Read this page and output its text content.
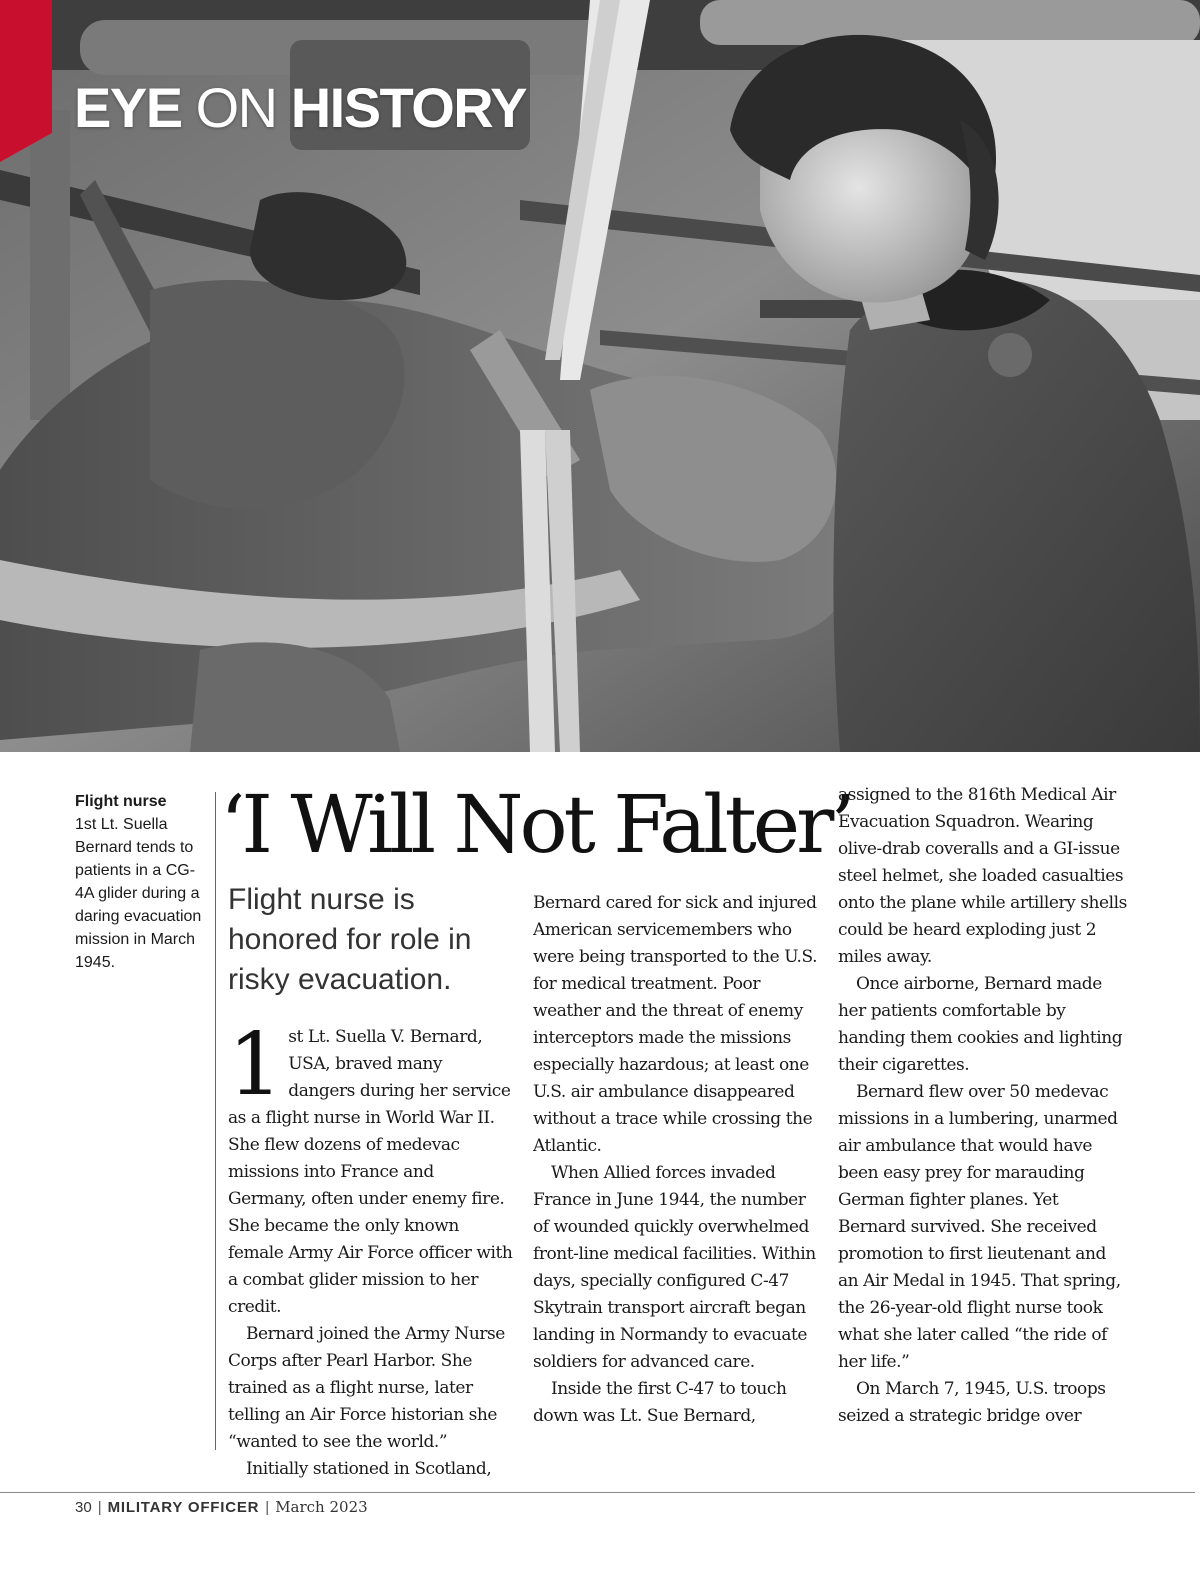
EYE ON HISTORY
Flight nurse
1st Lt. Suella Bernard tends to patients in a CG-4A glider during a daring evacuation mission in March 1945.
‘I Will Not Falter’

Flight nurse is honored for role in risky evacuation.

1 st Lt. Suella V. Bernard, USA, braved many dangers during her service as a flight nurse in World War II. She flew dozens of medevac missions into France and Germany, often under enemy fire. She became the only known female Army Air Force officer with a combat glider mission to her credit.

Bernard joined the Army Nurse Corps after Pearl Harbor. She trained as a flight nurse, later telling an Air Force historian she “wanted to see the world.”

Initially stationed in Scotland,

Bernard cared for sick and injured American servicemembers who were being transported to the U.S. for medical treatment. Poor weather and the threat of enemy interceptors made the missions especially hazardous; at least one U.S. air ambulance disappeared without a trace while crossing the Atlantic.

When Allied forces invaded France in June 1944, the number of wounded quickly overwhelmed front-line medical facilities. Within days, specially configured C-47 Skytrain transport aircraft began landing in Normandy to evacuate soldiers for advanced care.

Inside the first C-47 to touch down was Lt. Sue Bernard,

assigned to the 816th Medical Air Evacuation Squadron. Wearing olive-drab coveralls and a GI-issue steel helmet, she loaded casualties onto the plane while artillery shells could be heard exploding just 2 miles away.

Once airborne, Bernard made her patients comfortable by handing them cookies and lighting their cigarettes.

Bernard flew over 50 medevac missions in a lumbering, unarmed air ambulance that would have been easy prey for marauding German fighter planes. Yet Bernard survived. She received promotion to first lieutenant and an Air Medal in 1945. That spring, the 26-year-old flight nurse took what she later called “the ride of her life.”

On March 7, 1945, U.S. troops seized a strategic bridge over

30 | MILITARY OFFICER | March 2023
